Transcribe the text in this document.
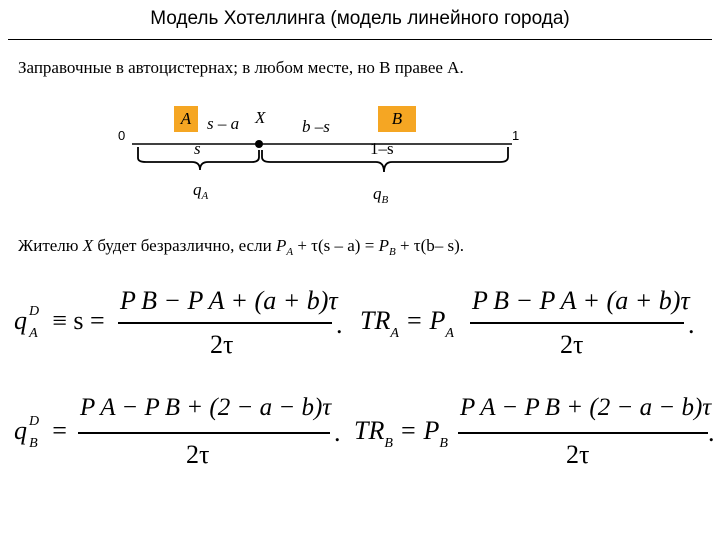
Модель Хотеллинга (модель линейного города)
Заправочные в автоцистернах; в любом месте, но B правее A.
A	B
0	1
s – a X b –s
s	1–s
$q_A$	$q_B$
Жителю X будет безразлично, если $P_A + \tau(s - a) = P_B + \tau(b-$ s).
q $^D_A$ ≡ s =
P B − P A + (a + b)τ
2τ
. $TR_A = P_A$
P B − P A + (a + b)τ
2τ
.
q $^D_B$ =
P A − P B + (2 − a − b)τ
2τ
. $TR_B = P_B$
P A − P B + (2 − a − b)τ
2τ
.
